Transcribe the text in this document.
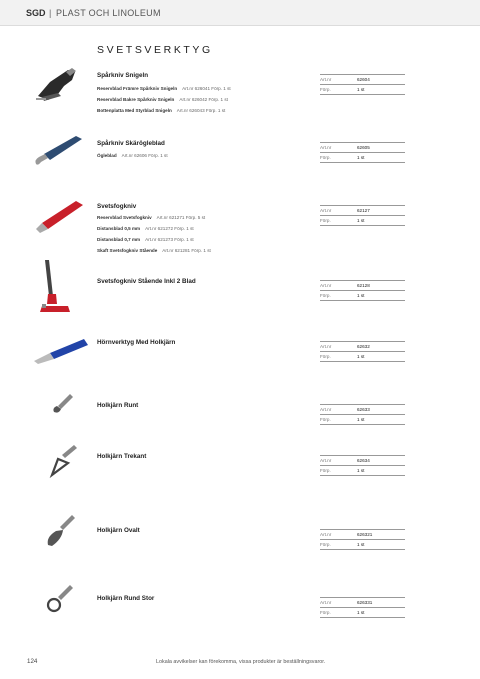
SGD | PLAST OCH LINOLEUM
SVETSVERKTYG
Spårkniv Snigeln
Reservblad Främre Spårkniv Snigeln Art.nr 626041 Förp. 1 st
Reservblad Bakre Spårkniv Snigeln Art.nr 626042 Förp. 1 st
Bottenplatta Med Styrblad Snigeln Art.nr 626043 Förp. 1 st
Art.nr	62604
Förp.	1 st
Spårkniv Skärögleblad
Ögleblad Art.nr 62606 Förp. 1 st
Art.nr	62605
Förp.	1 st
Svetsfogkniv
Reservblad Svetsfogkniv Art.nr 621271 Förp. 5 st
Distansblad 0,5 mm Art.nr 621272 Förp. 1 st
Distansblad 0,7 mm Art.nr 621273 Förp. 1 st
Skaft Svetsfogkniv Stående Art.nr 621281 Förp. 1 st
Art.nr	62127
Förp.	1 st
Svetsfogkniv Stående Inkl 2 Blad	Art.nr	62128
Förp.	1 st
Hörnverktyg Med Holkjärn	Art.nr	62632
Förp.	1 st
Holkjärn Runt	Art.nr	62633
Förp.	1 st
Holkjärn Trekant	Art.nr	62634
Förp.	1 st
Holkjärn Ovalt	Art.nr	626321
Förp.	1 st
Holkjärn Rund Stor	Art.nr	626331
Förp.	1 st
124	Lokala avvikelser kan förekomma, vissa produkter är beställningsvaror.
